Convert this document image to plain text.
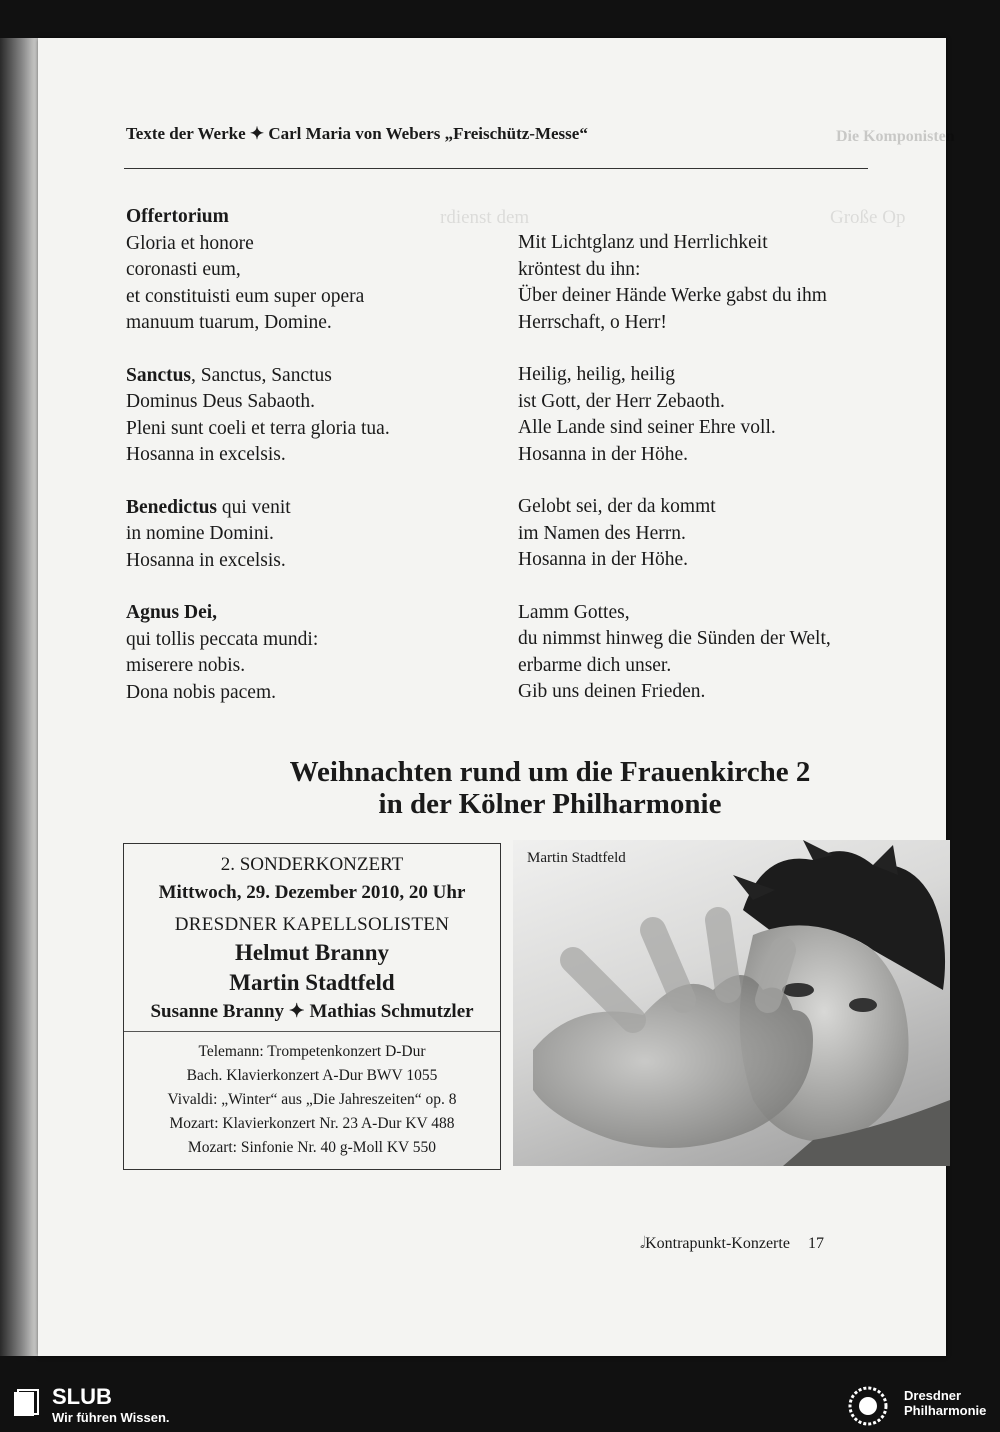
Texte der Werke ✦ Carl Maria von Webers „Freischütz-Messe“	Die Komponisten
rdienst dem	Große Op

Offertorium
Gloria et honore
coronasti eum,
et constituisti eum super opera
manuum tuarum, Domine.

Sanctus, Sanctus, Sanctus
Dominus Deus Sabaoth.
Pleni sunt coeli et terra gloria tua.
Hosanna in excelsis.

Benedictus qui venit
in nomine Domini.
Hosanna in excelsis.

Agnus Dei,
qui tollis peccata mundi:
miserere nobis.
Dona nobis pacem.

Mit Lichtglanz und Herrlichkeit
kröntest du ihn:
Über deiner Hände Werke gabst du ihm
Herrschaft, o Herr!

Heilig, heilig, heilig
ist Gott, der Herr Zebaoth.
Alle Lande sind seiner Ehre voll.
Hosanna in der Höhe.

Gelobt sei, der da kommt
im Namen des Herrn.
Hosanna in der Höhe.

Lamm Gottes,
du nimmst hinweg die Sünden der Welt,
erbarme dich unser.
Gib uns deinen Frieden.

Weihnachten rund um die Frauenkirche 2
in der Kölner Philharmonie
2. SONDERKONZERT
Mittwoch, 29. Dezember 2010, 20 Uhr
DRESDNER KAPELLSOLISTEN
Helmut Branny
Martin Stadtfeld
Susanne Branny ✦ Mathias Schmutzler
Telemann: Trompetenkonzert D-Dur
Bach. Klavierkonzert A-Dur BWV 1055
Vivaldi: „Winter“ aus „Die Jahreszeiten“ op. 8
Mozart: Klavierkonzert Nr. 23 A-Dur KV 488
Mozart: Sinfonie Nr. 40 g-Moll KV 550
Martin Stadtfeld
𝅗𝅥Kontrapunkt-Konzerte 17
SLUB
Wir führen Wissen.
Dresdner
Philharmonie
